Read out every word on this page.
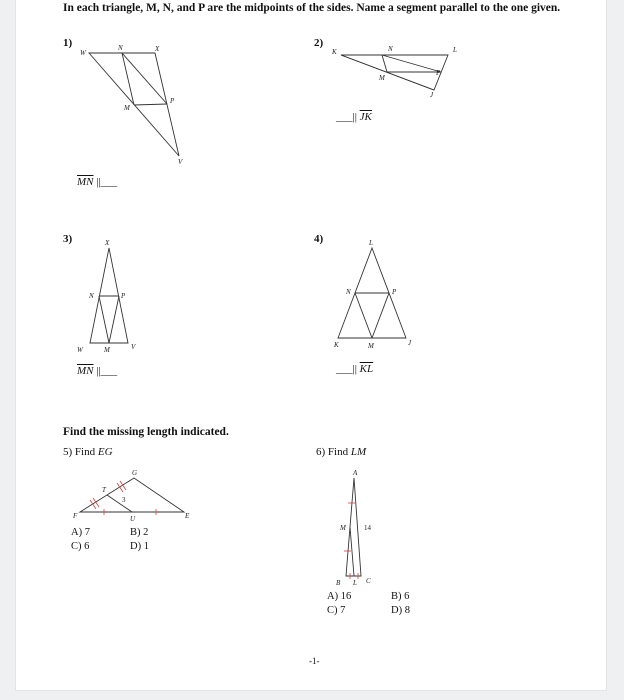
In each triangle, M, N, and P are the midpoints of the sides. Name a segment parallel to the one given.
1)
W
N	X
M
P
V
$\overline{MN}$ ||___
2)
K	N	L
M
P
J
___|| $\overline{JK}$
3)	X
N	P
W	M	V
$\overline{MN}$ ||___
4)	L
N	P
K	M	J
___|| $\overline{KL}$
Find the missing length indicated.
5) Find EG
G
T
F	U	E
3
A) 7	B) 2
C) 6	D) 1
6) Find LM
A
M	14
B L C
A) 16	B) 6
C) 7	D) 8
-1-
